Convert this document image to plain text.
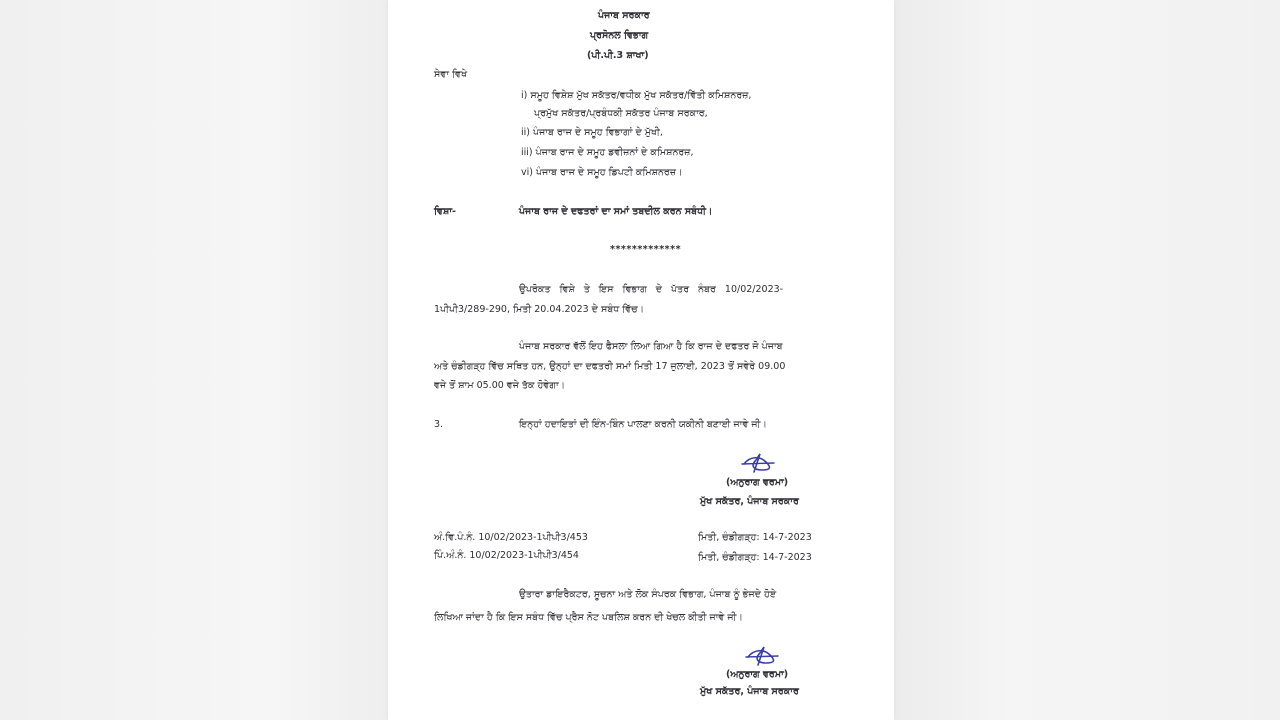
ਪੰਜਾਬ ਸਰਕਾਰ
ਪ੍ਰਸੋਨਲ ਵਿਭਾਗ
(ਪੀ.ਪੀ.3 ਸ਼ਾਖਾ)
ਸੇਵਾ ਵਿਖੇ
i) ਸਮੂਹ ਵਿਸ਼ੇਸ਼ ਮੁੱਖ ਸਕੱਤਰ/ਵਧੀਕ ਮੁੱਖ ਸਕੱਤਰ/ਵਿੱਤੀ ਕਮਿਸ਼ਨਰਜ਼,
ਪ੍ਰਮੁੱਖ ਸਕੱਤਰ/ਪ੍ਰਬੰਧਕੀ ਸਕੱਤਰ ਪੰਜਾਬ ਸਰਕਾਰ,
ii) ਪੰਜਾਬ ਰਾਜ ਦੇ ਸਮੂਹ ਵਿਭਾਗਾਂ ਦੇ ਮੁੱਖੀ,
iii) ਪੰਜਾਬ ਰਾਜ ਦੇ ਸਮੂਹ ਡਵੀਜ਼ਨਾਂ ਦੇ ਕਮਿਸ਼ਨਰਜ਼,
vi) ਪੰਜਾਬ ਰਾਜ ਦੇ ਸਮੂਹ ਡਿਪਟੀ ਕਮਿਸ਼ਨਰਜ਼।
ਵਿਸ਼ਾ-	ਪੰਜਾਬ ਰਾਜ ਦੇ ਦਫਤਰਾਂ ਦਾ ਸਮਾਂ ਤਬਦੀਲ ਕਰਨ ਸਬੰਧੀ।
*************
ਉਪਰੋਕਤ ਵਿਸ਼ੇ ਤੇ ਇਸ ਵਿਭਾਗ ਦੇ ਪੱਤਰ ਨੰਬਰ 10/02/2023-
1ਪੀਪੀ3/289-290, ਮਿਤੀ 20.04.2023 ਦੇ ਸਬੰਧ ਵਿੱਚ।
ਪੰਜਾਬ ਸਰਕਾਰ ਵੱਲੋਂ ਇਹ ਫੈਸਲਾ ਲਿਆ ਗਿਆ ਹੈ ਕਿ ਰਾਜ ਦੇ ਦਫਤਰ ਜੋ ਪੰਜਾਬ
ਅਤੇ ਚੰਡੀਗੜ੍ਹ ਵਿੱਚ ਸਥਿਤ ਹਨ, ਉਨ੍ਹਾਂ ਦਾ ਦਫਤਰੀ ਸਮਾਂ ਮਿਤੀ 17 ਜੁਲਾਈ, 2023 ਤੋਂ ਸਵੇਰੇ 09.00
ਵਜੇ ਤੋਂ ਸ਼ਾਮ 05.00 ਵਜੇ ਤੱਕ ਹੋਵੇਗਾ।
3.	ਇਨ੍ਹਾਂ ਹਦਾਇਤਾਂ ਦੀ ਇੰਨ-ਬਿੰਨ ਪਾਲਣਾ ਕਰਨੀ ਯਕੀਨੀ ਬਣਾਈ ਜਾਵੇ ਜੀ।
(ਅਨੁਰਾਗ ਵਰਮਾ)
ਮੁੱਖ ਸਕੱਤਰ, ਪੰਜਾਬ ਸਰਕਾਰ
ਅੰ.ਵਿ.ਪੰ.ਨੰ. 10/02/2023-1ਪੀਪੀ3/453	ਮਿਤੀ, ਚੰਡੀਗੜ੍ਹ: 14-7-2023
ਪਿੰ.ਅੰ.ਨੰ. 10/02/2023-1ਪੀਪੀ3/454	ਮਿਤੀ, ਚੰਡੀਗੜ੍ਹ: 14-7-2023
ਉਤਾਰਾ ਡਾਇਰੈਕਟਰ, ਸੂਚਨਾ ਅਤੇ ਲੋਕ ਸੰਪਰਕ ਵਿਭਾਗ, ਪੰਜਾਬ ਨੂੰ ਭੇਜਦੇ ਹੋਏ
ਲਿਖਿਆ ਜਾਂਦਾ ਹੈ ਕਿ ਇਸ ਸਬੰਧ ਵਿੱਚ ਪ੍ਰੈਸ ਨੋਟ ਪਬਲਿਸ਼ ਕਰਨ ਦੀ ਖੇਚਲ ਕੀਤੀ ਜਾਵੇ ਜੀ।
(ਅਨੁਰਾਗ ਵਰਮਾ)
ਮੁੱਖ ਸਕੱਤਰ, ਪੰਜਾਬ ਸਰਕਾਰ
